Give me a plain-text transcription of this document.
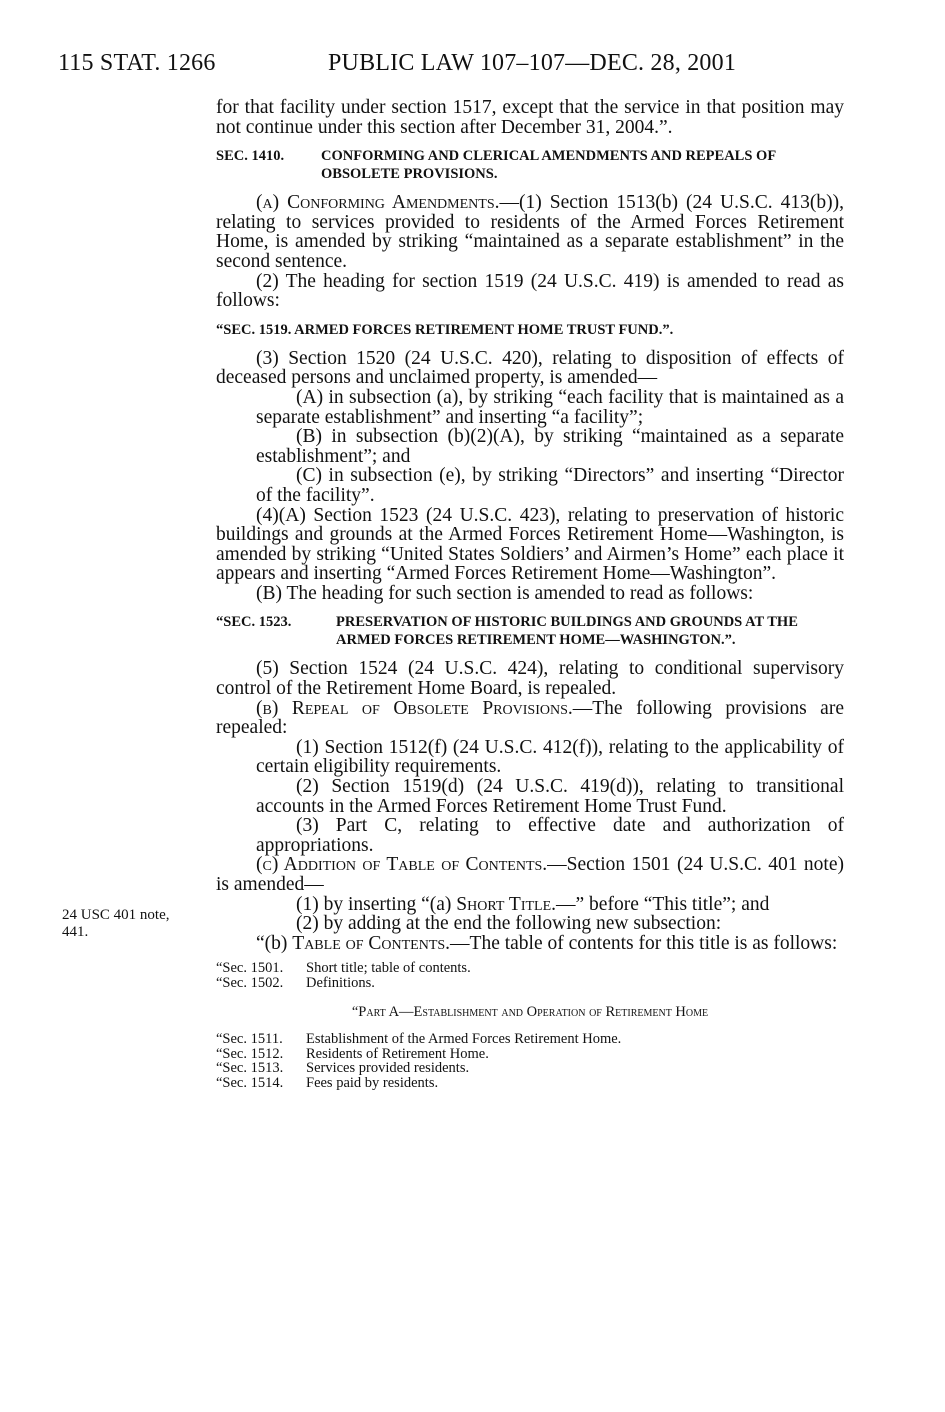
115 STAT. 1266	PUBLIC LAW 107–107—DEC. 28, 2001
24 USC 401 note,
441.

for that facility under section 1517, except that the service in that position may not continue under this section after December 31, 2004.”.

SEC. 1410.	CONFORMING AND CLERICAL AMENDMENTS AND REPEALS OF OBSOLETE PROVISIONS.

(a) Conforming Amendments.—(1) Section 1513(b) (24 U.S.C. 413(b)), relating to services provided to residents of the Armed Forces Retirement Home, is amended by striking “maintained as a separate establishment” in the second sentence.

(2) The heading for section 1519 (24 U.S.C. 419) is amended to read as follows:

“SEC. 1519. ARMED FORCES RETIREMENT HOME TRUST FUND.”.

(3) Section 1520 (24 U.S.C. 420), relating to disposition of effects of deceased persons and unclaimed property, is amended—

(A) in subsection (a), by striking “each facility that is maintained as a separate establishment” and inserting “a facility”;

(B) in subsection (b)(2)(A), by striking “maintained as a separate establishment”; and

(C) in subsection (e), by striking “Directors” and inserting “Director of the facility”.

(4)(A) Section 1523 (24 U.S.C. 423), relating to preservation of historic buildings and grounds at the Armed Forces Retirement Home—Washington, is amended by striking “United States Soldiers’ and Airmen’s Home” each place it appears and inserting “Armed Forces Retirement Home—Washington”.

(B) The heading for such section is amended to read as follows:

“SEC. 1523.	PRESERVATION OF HISTORIC BUILDINGS AND GROUNDS AT THE ARMED FORCES RETIREMENT HOME—WASHINGTON.”.

(5) Section 1524 (24 U.S.C. 424), relating to conditional supervisory control of the Retirement Home Board, is repealed.

(b) Repeal of Obsolete Provisions.—The following provisions are repealed:

(1) Section 1512(f) (24 U.S.C. 412(f)), relating to the applicability of certain eligibility requirements.

(2) Section 1519(d) (24 U.S.C. 419(d)), relating to transitional accounts in the Armed Forces Retirement Home Trust Fund.

(3) Part C, relating to effective date and authorization of appropriations.

(c) Addition of Table of Contents.—Section 1501 (24 U.S.C. 401 note) is amended—

(1) by inserting “(a) Short Title.—” before “This title”; and

(2) by adding at the end the following new subsection:

“(b) Table of Contents.—The table of contents for this title is as follows:

“Sec. 1501.	Short title; table of contents.
“Sec. 1502.	Definitions.
“Part A—Establishment and Operation of Retirement Home
“Sec. 1511.	Establishment of the Armed Forces Retirement Home.
“Sec. 1512.	Residents of Retirement Home.
“Sec. 1513.	Services provided residents.
“Sec. 1514.	Fees paid by residents.
